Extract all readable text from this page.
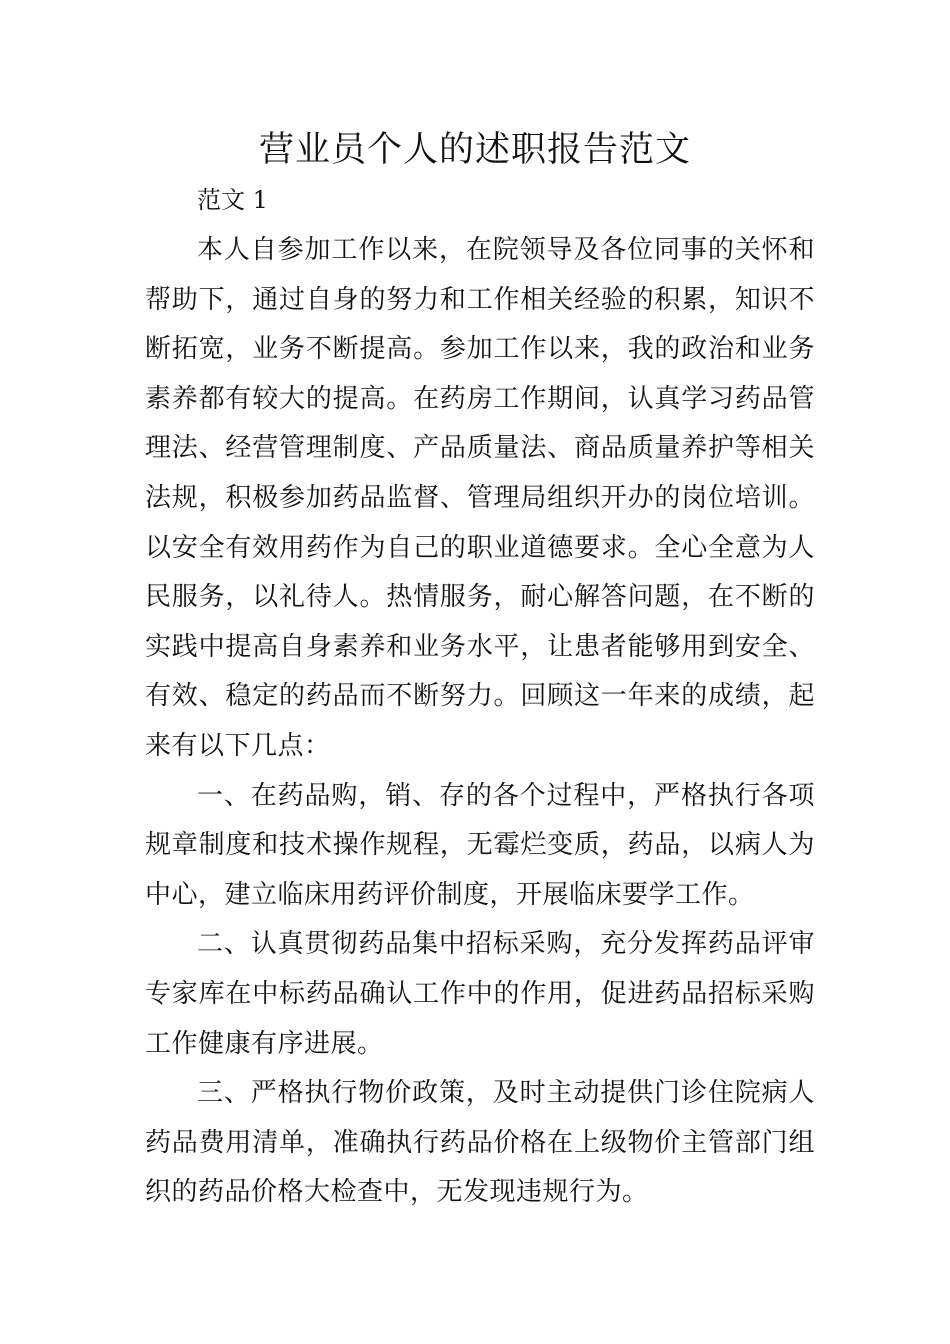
营业员个人的述职报告范文
范文 1

本人自参加工作以来，在院领导及各位同事的关怀和帮助下，通过自身的努力和工作相关经验的积累，知识不断拓宽，业务不断提高。参加工作以来，我的政治和业务素养都有较大的提高。在药房工作期间，认真学习药品管理法、经营管理制度、产品质量法、商品质量养护等相关法规，积极参加药品监督、管理局组织开办的岗位培训。以安全有效用药作为自己的职业道德要求。全心全意为人民服务，以礼待人。热情服务，耐心解答问题，在不断的实践中提高自身素养和业务水平，让患者能够用到安全、有效、稳定的药品而不断努力。回顾这一年来的成绩，起来有以下几点：

一、在药品购，销、存的各个过程中，严格执行各项规章制度和技术操作规程，无霉烂变质，药品，以病人为中心，建立临床用药评价制度，开展临床要学工作。

二、认真贯彻药品集中招标采购，充分发挥药品评审专家库在中标药品确认工作中的作用，促进药品招标采购工作健康有序进展。

三、严格执行物价政策，及时主动提供门诊住院病人药品费用清单，准确执行药品价格在上级物价主管部门组织的药品价格大检查中，无发现违规行为。
